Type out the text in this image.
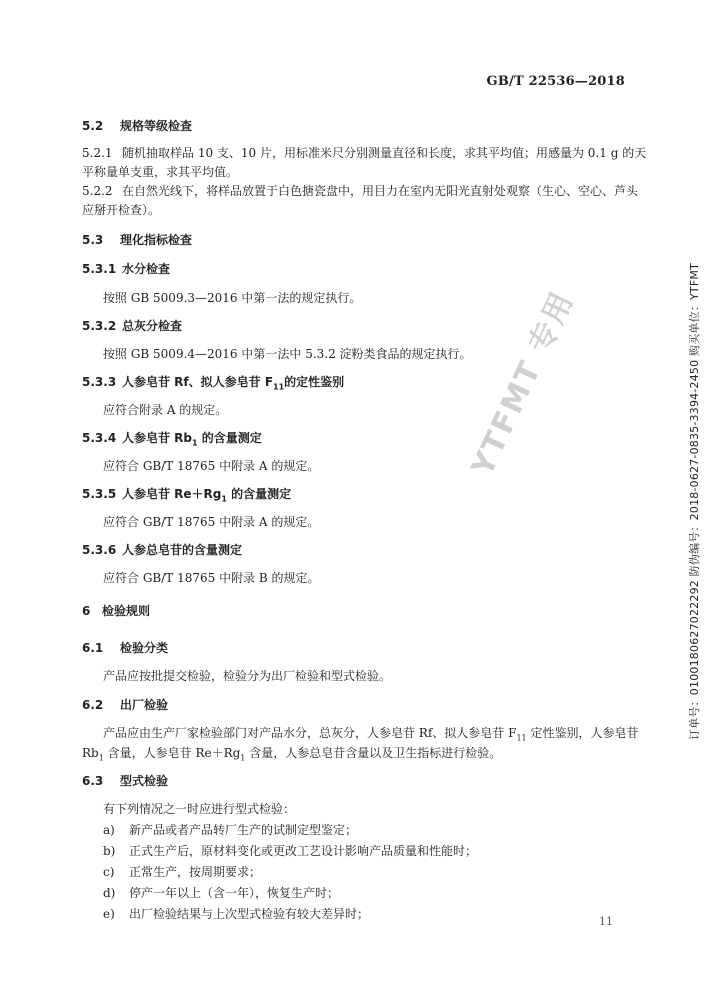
GB/T 22536—2018
5.2 规格等级检查
5.2.1 随机抽取样品 10 支、10 片，用标准米尺分别测量直径和长度，求其平均值；用感量为 0.1 g 的天
平称量单支重，求其平均值。
5.2.2 在自然光线下，将样品放置于白色搪瓷盘中，用目力在室内无阳光直射处观察（生心、空心、芦头
应掰开检查）。
5.3 理化指标检查
5.3.1 水分检查
按照 GB 5009.3—2016 中第一法的规定执行。
5.3.2 总灰分检查
按照 GB 5009.4—2016 中第一法中 5.3.2 淀粉类食品的规定执行。
5.3.3 人参皂苷 Rf、拟人参皂苷 $F_{11}$的定性鉴别
应符合附录 A 的规定。
5.3.4 人参皂苷 $Rb_1$ 的含量测定
应符合 GB/T 18765 中附录 A 的规定。
5.3.5 人参皂苷 $Re+Rg_1$ 的含量测定
应符合 GB/T 18765 中附录 A 的规定。
5.3.6 人参总皂苷的含量测定
应符合 GB/T 18765 中附录 B 的规定。
6 检验规则
6.1 检验分类
产品应按批提交检验，检验分为出厂检验和型式检验。
6.2 出厂检验
产品应由生产厂家检验部门对产品水分，总灰分，人参皂苷 Rf、拟人参皂苷 $F_{11}$ 定性鉴别，人参皂苷
$Rb_1$ 含量，人参皂苷 $Re+Rg_1$ 含量，人参总皂苷含量以及卫生指标进行检验。
6.3 型式检验
有下列情况之一时应进行型式检验：
a) 新产品或者产品转厂生产的试制定型鉴定；
b) 正式生产后，原材料变化或更改工艺设计影响产品质量和性能时；
c) 正常生产，按周期要求；
d) 停产一年以上（含一年），恢复生产时；
e) 出厂检验结果与上次型式检验有较大差异时；
11
YTFMT 专用	订单号：0100180627022292 防伪编号：2018-0627-0835-3394-2450 购买单位：YTFMT
